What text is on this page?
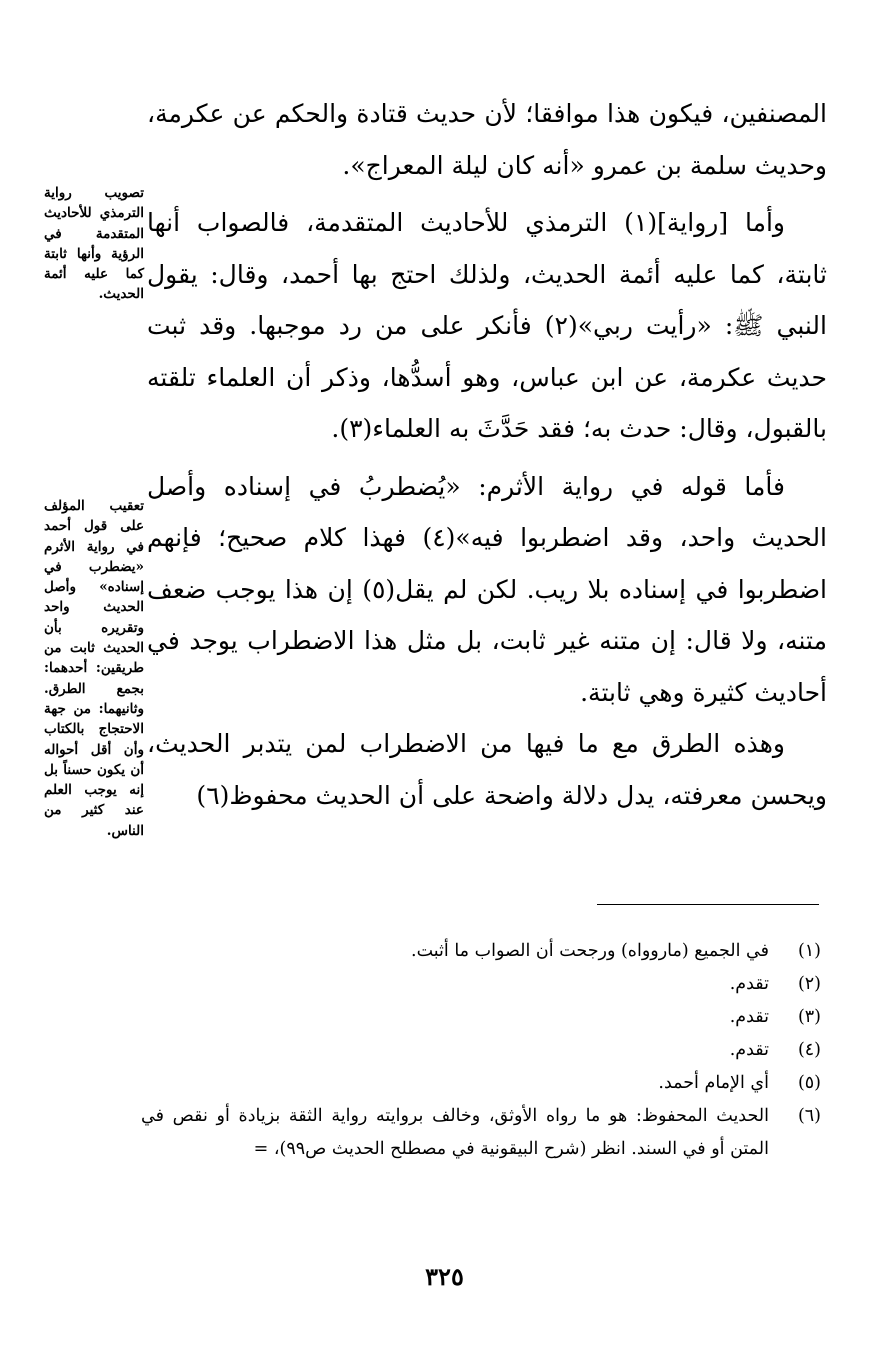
المصنفين، فيكون هذا موافقا؛ لأن حديث قتادة والحكم عن عكرمة، وحديث سلمة بن عمرو «أنه كان ليلة المعراج».

وأما [رواية](١) الترمذي للأحاديث المتقدمة، فالصواب أنها ثابتة، كما عليه أئمة الحديث، ولذلك احتج بها أحمد، وقال: يقول النبي ﷺ: «رأيت ربي»(٢) فأنكر على من رد موجبها. وقد ثبت حديث عكرمة، عن ابن عباس، وهو أسدُّها، وذكر أن العلماء تلقته بالقبول، وقال: حدث به؛ فقد حَدَّثَ به العلماء(٣).

فأما قوله في رواية الأثرم: «يُضطربُ في إسناده وأصل الحديث واحد، وقد اضطربوا فيه»(٤) فهذا كلام صحيح؛ فإنهم اضطربوا في إسناده بلا ريب. لكن لم يقل(٥) إن هذا يوجب ضعف متنه، ولا قال: إن متنه غير ثابت، بل مثل هذا الاضطراب يوجد في أحاديث كثيرة وهي ثابتة.

وهذه الطرق مع ما فيها من الاضطراب لمن يتدبر الحديث، ويحسن معرفته، يدل دلالة واضحة على أن الحديث محفوظ(٦)

تصويب رواية الترمذي للأحاديث المتقدمة في الرؤية وأنها ثابتة كما عليه أئمة الحديث.
تعقيب المؤلف على قول أحمد في رواية الأثرم «يضطرب في إسناده» وأصل الحديث واحد وتقريره بأن الحديث ثابت من طريقين: أحدهما: بجمع الطرق. وثانيهما: من جهة الاحتجاج بالكتاب وأن أقل أحواله أن يكون حسناً بل إنه يوجب العلم عند كثير من الناس.
(١)
في الجميع (ماروواه) ورجحت أن الصواب ما أثبت.
(٢)
تقدم.
(٣)
تقدم.
(٤)
تقدم.
(٥)
أي الإمام أحمد.
(٦)
الحديث المحفوظ: هو ما رواه الأوثق، وخالف بروايته رواية الثقة بزيادة أو نقص في المتن أو في السند. انظر (شرح البيقونية في مصطلح الحديث ص٩٩)، =
٣٢٥
